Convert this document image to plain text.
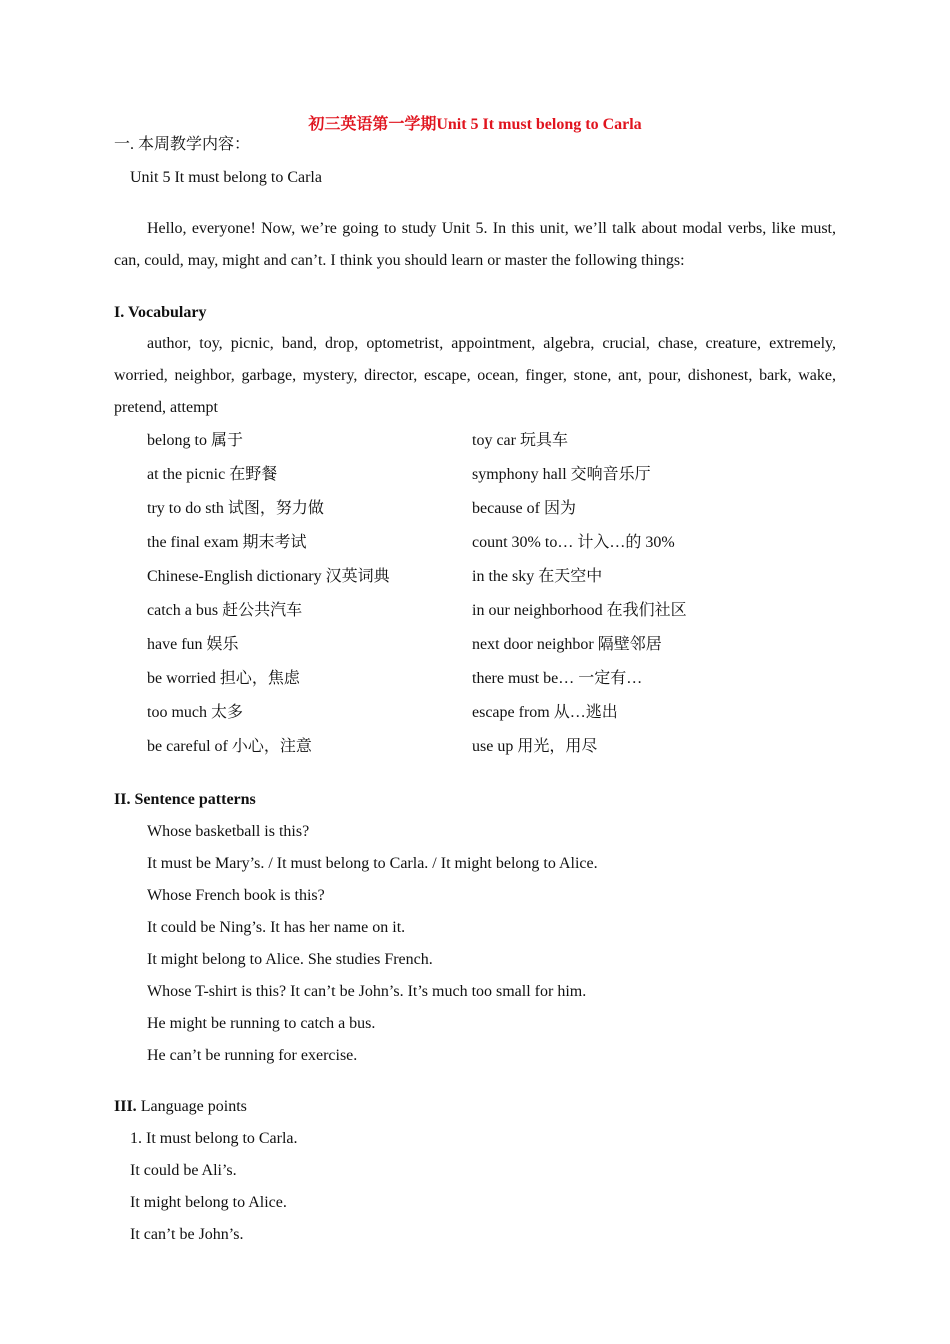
初三英语第一学期Unit 5 It must belong to Carla
一. 本周教学内容：
Unit 5 It must belong to Carla
Hello, everyone! Now, we’re going to study Unit 5. In this unit, we’ll talk about modal verbs, like must, can, could, may, might and can’t. I think you should learn or master the following things:
I. Vocabulary
author, toy, picnic, band, drop, optometrist, appointment, algebra, crucial, chase, creature, extremely, worried, neighbor, garbage, mystery, director, escape, ocean, finger, stone, ant, pour, dishonest, bark, wake, pretend, attempt
belong to 属于
at the picnic 在野餐
try to do sth 试图，努力做
the final exam 期末考试
Chinese-English dictionary 汉英词典
catch a bus 赶公共汽车
have fun 娱乐
be worried 担心，焦虑
too much 太多
be careful of 小心，注意
toy car 玩具车
symphony hall 交响音乐厅
because of 因为
count 30% to… 计入…的 30%
in the sky 在天空中
in our neighborhood 在我们社区
next door neighbor 隔壁邻居
there must be… 一定有…
escape from 从…逃出
use up 用光，用尽
II. Sentence patterns
Whose basketball is this?
It must be Mary’s. / It must belong to Carla. / It might belong to Alice.
Whose French book is this?
It could be Ning’s. It has her name on it.
It might belong to Alice. She studies French.
Whose T-shirt is this? It can’t be John’s. It’s much too small for him.
He might be running to catch a bus.
He can’t be running for exercise.
III. Language points
1. It must belong to Carla.
It could be Ali’s.
It might belong to Alice.
It can’t be John’s.
